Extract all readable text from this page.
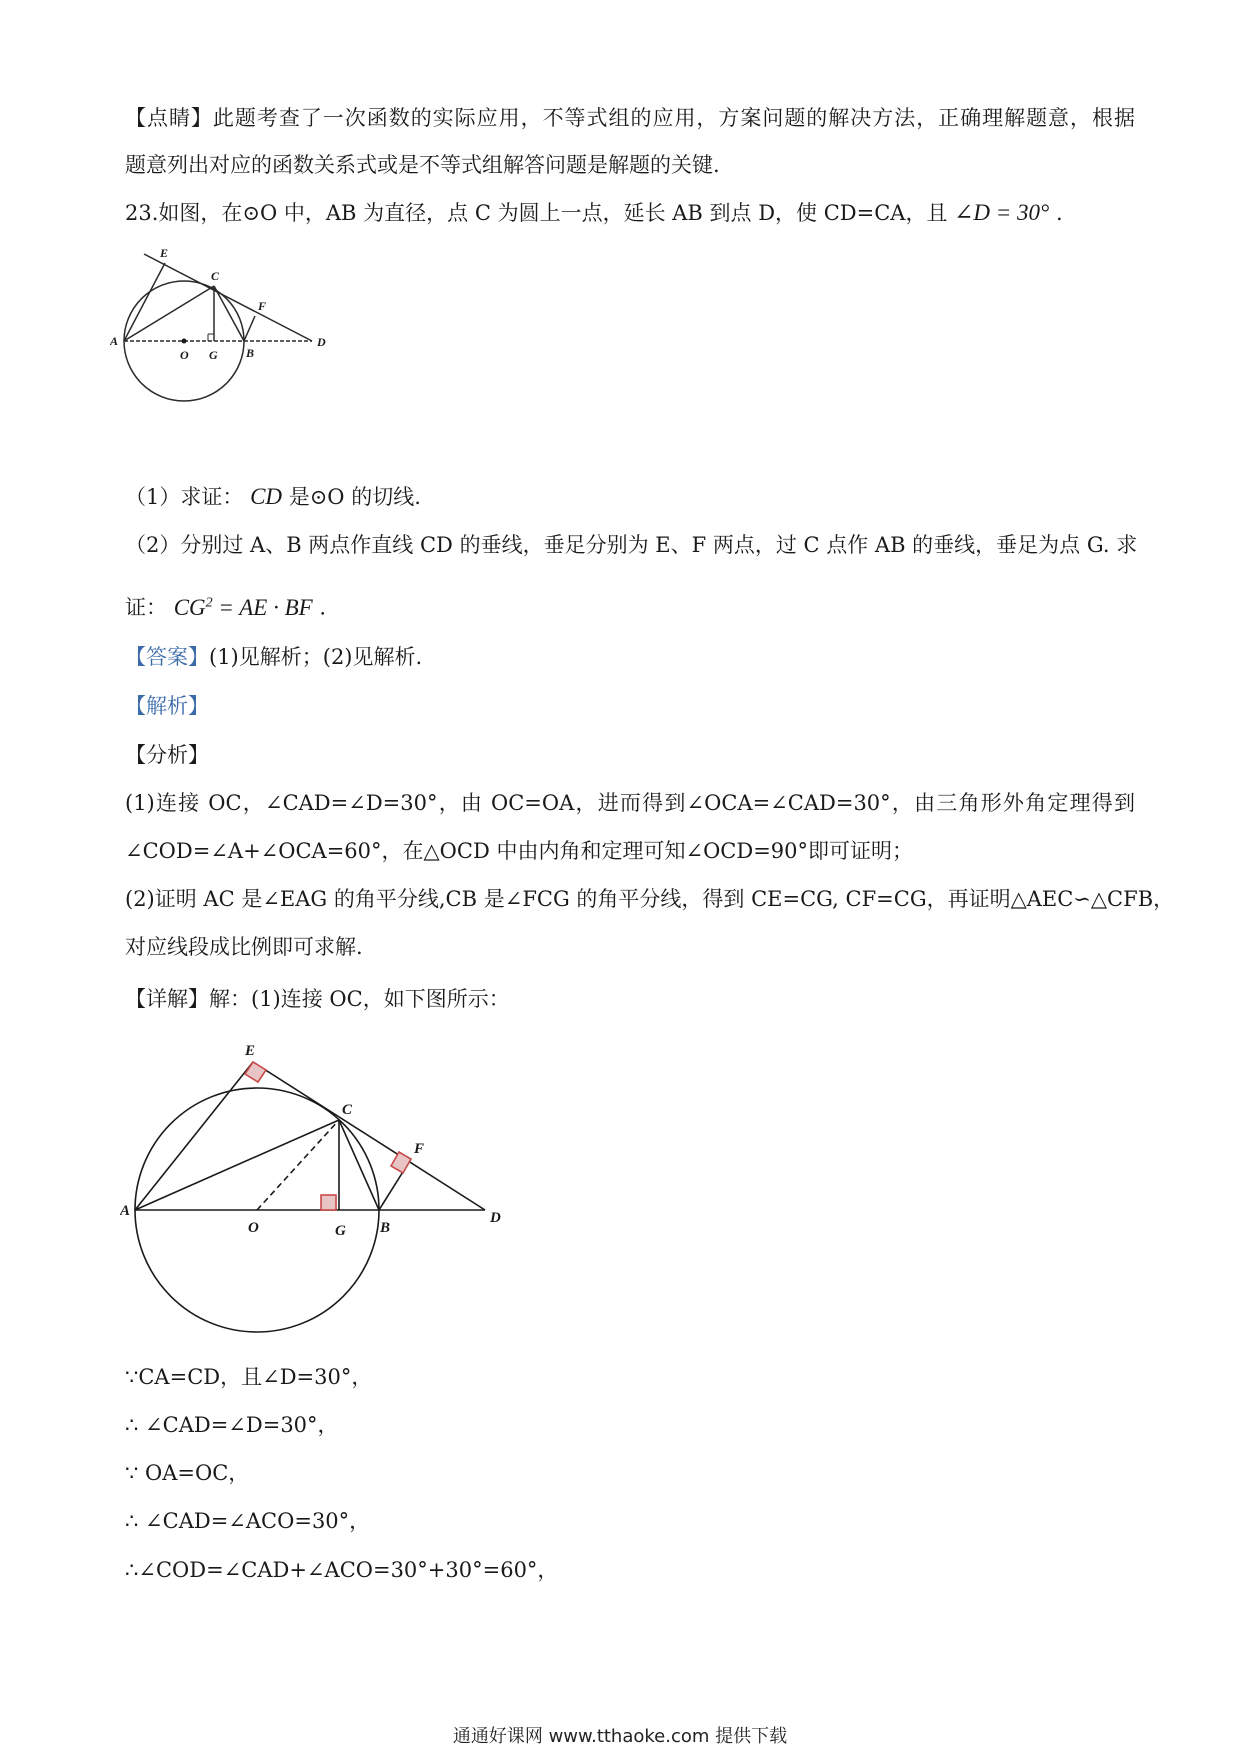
【点睛】此题考查了一次函数的实际应用，不等式组的应用，方案问题的解决方法，正确理解题意，根据
题意列出对应的函数关系式或是不等式组解答问题是解题的关键.
23.如图，在⊙O 中，AB 为直径，点 C 为圆上一点，延长 AB 到点 D，使 CD=CA，且 ∠D = 30° .
E
C
F
A
O G B
D
（1）求证： CD 是⊙O 的切线.
（2）分别过 A、B 两点作直线 CD 的垂线，垂足分别为 E、F 两点，过 C 点作 AB 的垂线，垂足为点 G. 求
证： $CG^2$ = AE · BF .
【答案】(1)见解析；(2)见解析.
【解析】
【分析】
(1)连接 OC，∠CAD=∠D=30°，由 OC=OA，进而得到∠OCA=∠CAD=30°，由三角形外角定理得到
∠COD=∠A+∠OCA=60°，在△OCD 中由内角和定理可知∠OCD=90°即可证明；
(2)证明 AC 是∠EAG 的角平分线,CB 是∠FCG 的角平分线，得到 CE=CG, CF=CG，再证明△AEC∽△CFB，
对应线段成比例即可求解.
【详解】解：(1)连接 OC，如下图所示：
E
C
F
A
O	G B
D
∵CA=CD，且∠D=30°，
∴ ∠CAD=∠D=30°，
∵ OA=OC，
∴ ∠CAD=∠ACO=30°，
∴∠COD=∠CAD+∠ACO=30°+30°=60°，
通通好课网 www.tthaoke.com 提供下载
